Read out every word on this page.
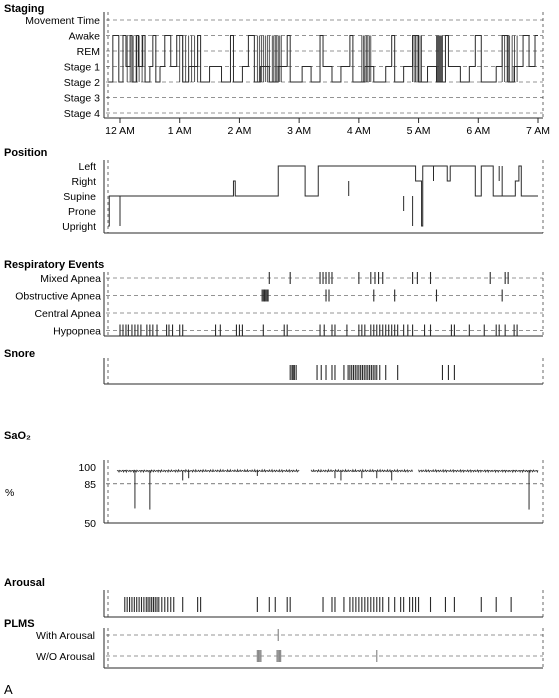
Staging
Position
Respiratory Events
Snore
SaO₂
%
Arousal
PLMS
A
Movement Time
Awake
REM
Stage 1
Stage 2
Stage 3
Stage 4
12 AM	1 AM	2 AM	3 AM	4 AM	5 AM	6 AM	7 AM
Left
Right
Supine
Prone
Upright
Mixed Apnea
Obstructive Apnea
Central Apnea
Hypopnea
100
85
50
With Arousal
W/O Arousal
